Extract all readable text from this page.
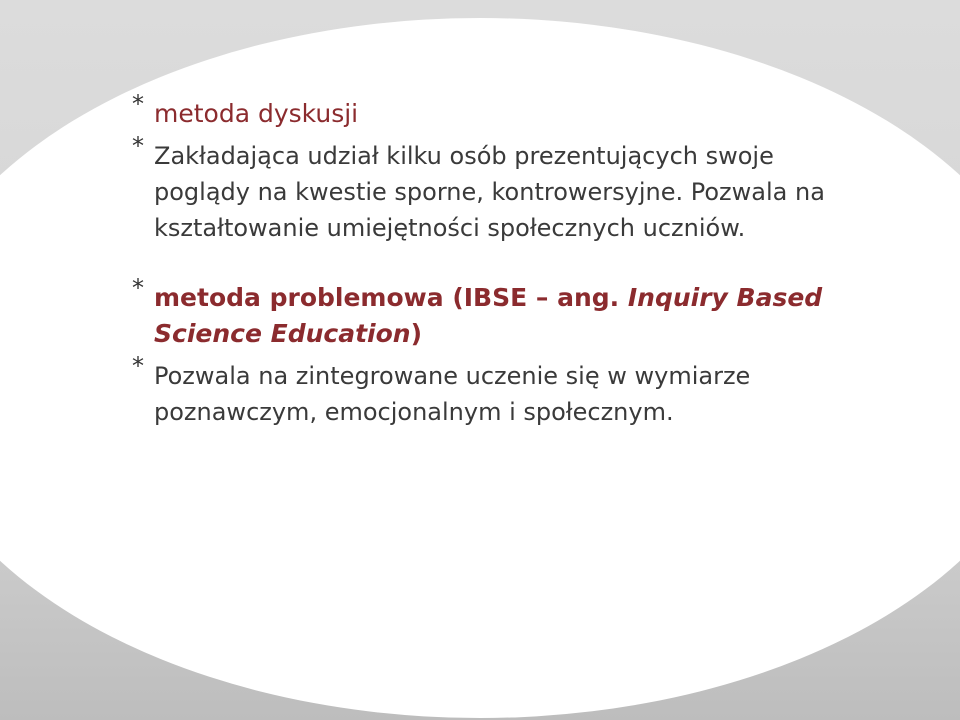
* metoda dyskusji
* Zakładająca udział kilku osób prezentujących swoje poglądy na kwestie sporne, kontrowersyjne. Pozwala na kształtowanie umiejętności społecznych uczniów.
* metoda problemowa (IBSE – ang. Inquiry Based Science Education)
* Pozwala na zintegrowane uczenie się w wymiarze poznawczym, emocjonalnym i społecznym.
